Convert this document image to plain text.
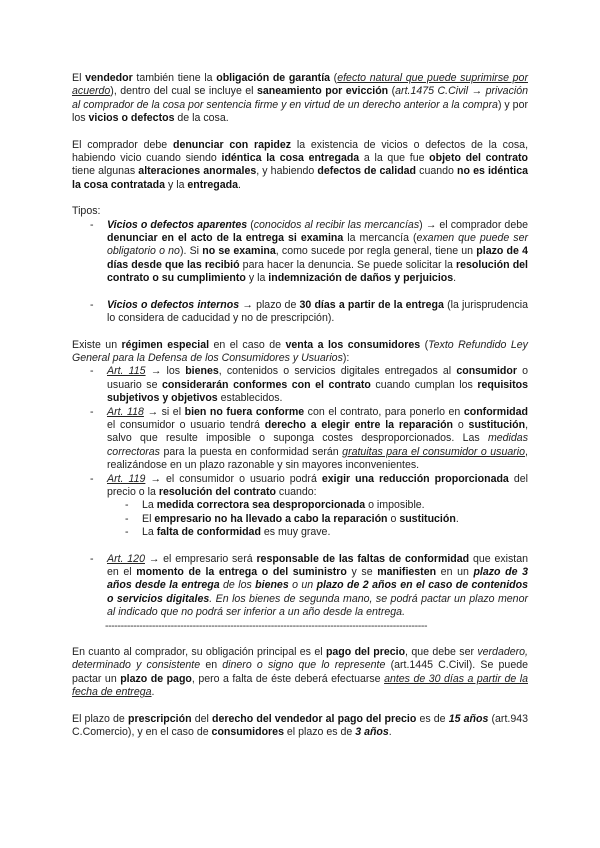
El vendedor también tiene la obligación de garantía (efecto natural que puede suprimirse por acuerdo), dentro del cual se incluye el saneamiento por evicción (art.1475 C.Civil → privación al comprador de la cosa por sentencia firme y en virtud de un derecho anterior a la compra) y por los vicios o defectos de la cosa.

El comprador debe denunciar con rapidez la existencia de vicios o defectos de la cosa, habiendo vicio cuando siendo idéntica la cosa entregada a la que fue objeto del contrato tiene algunas alteraciones anormales, y habiendo defectos de calidad cuando no es idéntica la cosa contratada y la entregada.

Tipos:

- Vicios o defectos aparentes (conocidos al recibir las mercancías) → el comprador debe denunciar en el acto de la entrega si examina la mercancía (examen que puede ser obligatorio o no). Si no se examina, como sucede por regla general, tiene un plazo de 4 días desde que las recibió para hacer la denuncia. Se puede solicitar la resolución del contrato o su cumplimiento y la indemnización de daños y perjuicios.
- Vicios o defectos internos → plazo de 30 días a partir de la entrega (la jurisprudencia lo considera de caducidad y no de prescripción).

Existe un régimen especial en el caso de venta a los consumidores (Texto Refundido Ley General para la Defensa de los Consumidores y Usuarios):

- Art. 115 → los bienes, contenidos o servicios digitales entregados al consumidor o usuario se considerarán conformes con el contrato cuando cumplan los requisitos subjetivos y objetivos establecidos.
- Art. 118 → si el bien no fuera conforme con el contrato, para ponerlo en conformidad el consumidor o usuario tendrá derecho a elegir entre la reparación o sustitución, salvo que resulte imposible o suponga costes desproporcionados. Las medidas correctoras para la puesta en conformidad serán gratuitas para el consumidor o usuario, realizándose en un plazo razonable y sin mayores inconvenientes.
- Art. 119 → el consumidor o usuario podrá exigir una reducción proporcionada del precio o la resolución del contrato cuando:
- La medida correctora sea desproporcionada o imposible.
- El empresario no ha llevado a cabo la reparación o sustitución.
- La falta de conformidad es muy grave.
- Art. 120 → el empresario será responsable de las faltas de conformidad que existan en el momento de la entrega o del suministro y se manifiesten en un plazo de 3 años desde la entrega de los bienes o un plazo de 2 años en el caso de contenidos o servicios digitales. En los bienes de segunda mano, se podrá pactar un plazo menor al indicado que no podrá ser inferior a un año desde la entrega.
-------------------------------------------------------------------------------------------------------

En cuanto al comprador, su obligación principal es el pago del precio, que debe ser verdadero, determinado y consistente en dinero o signo que lo represente (art.1445 C.Civil). Se puede pactar un plazo de pago, pero a falta de éste deberá efectuarse antes de 30 días a partir de la fecha de entrega.

El plazo de prescripción del derecho del vendedor al pago del precio es de 15 años (art.943 C.Comercio), y en el caso de consumidores el plazo es de 3 años.
